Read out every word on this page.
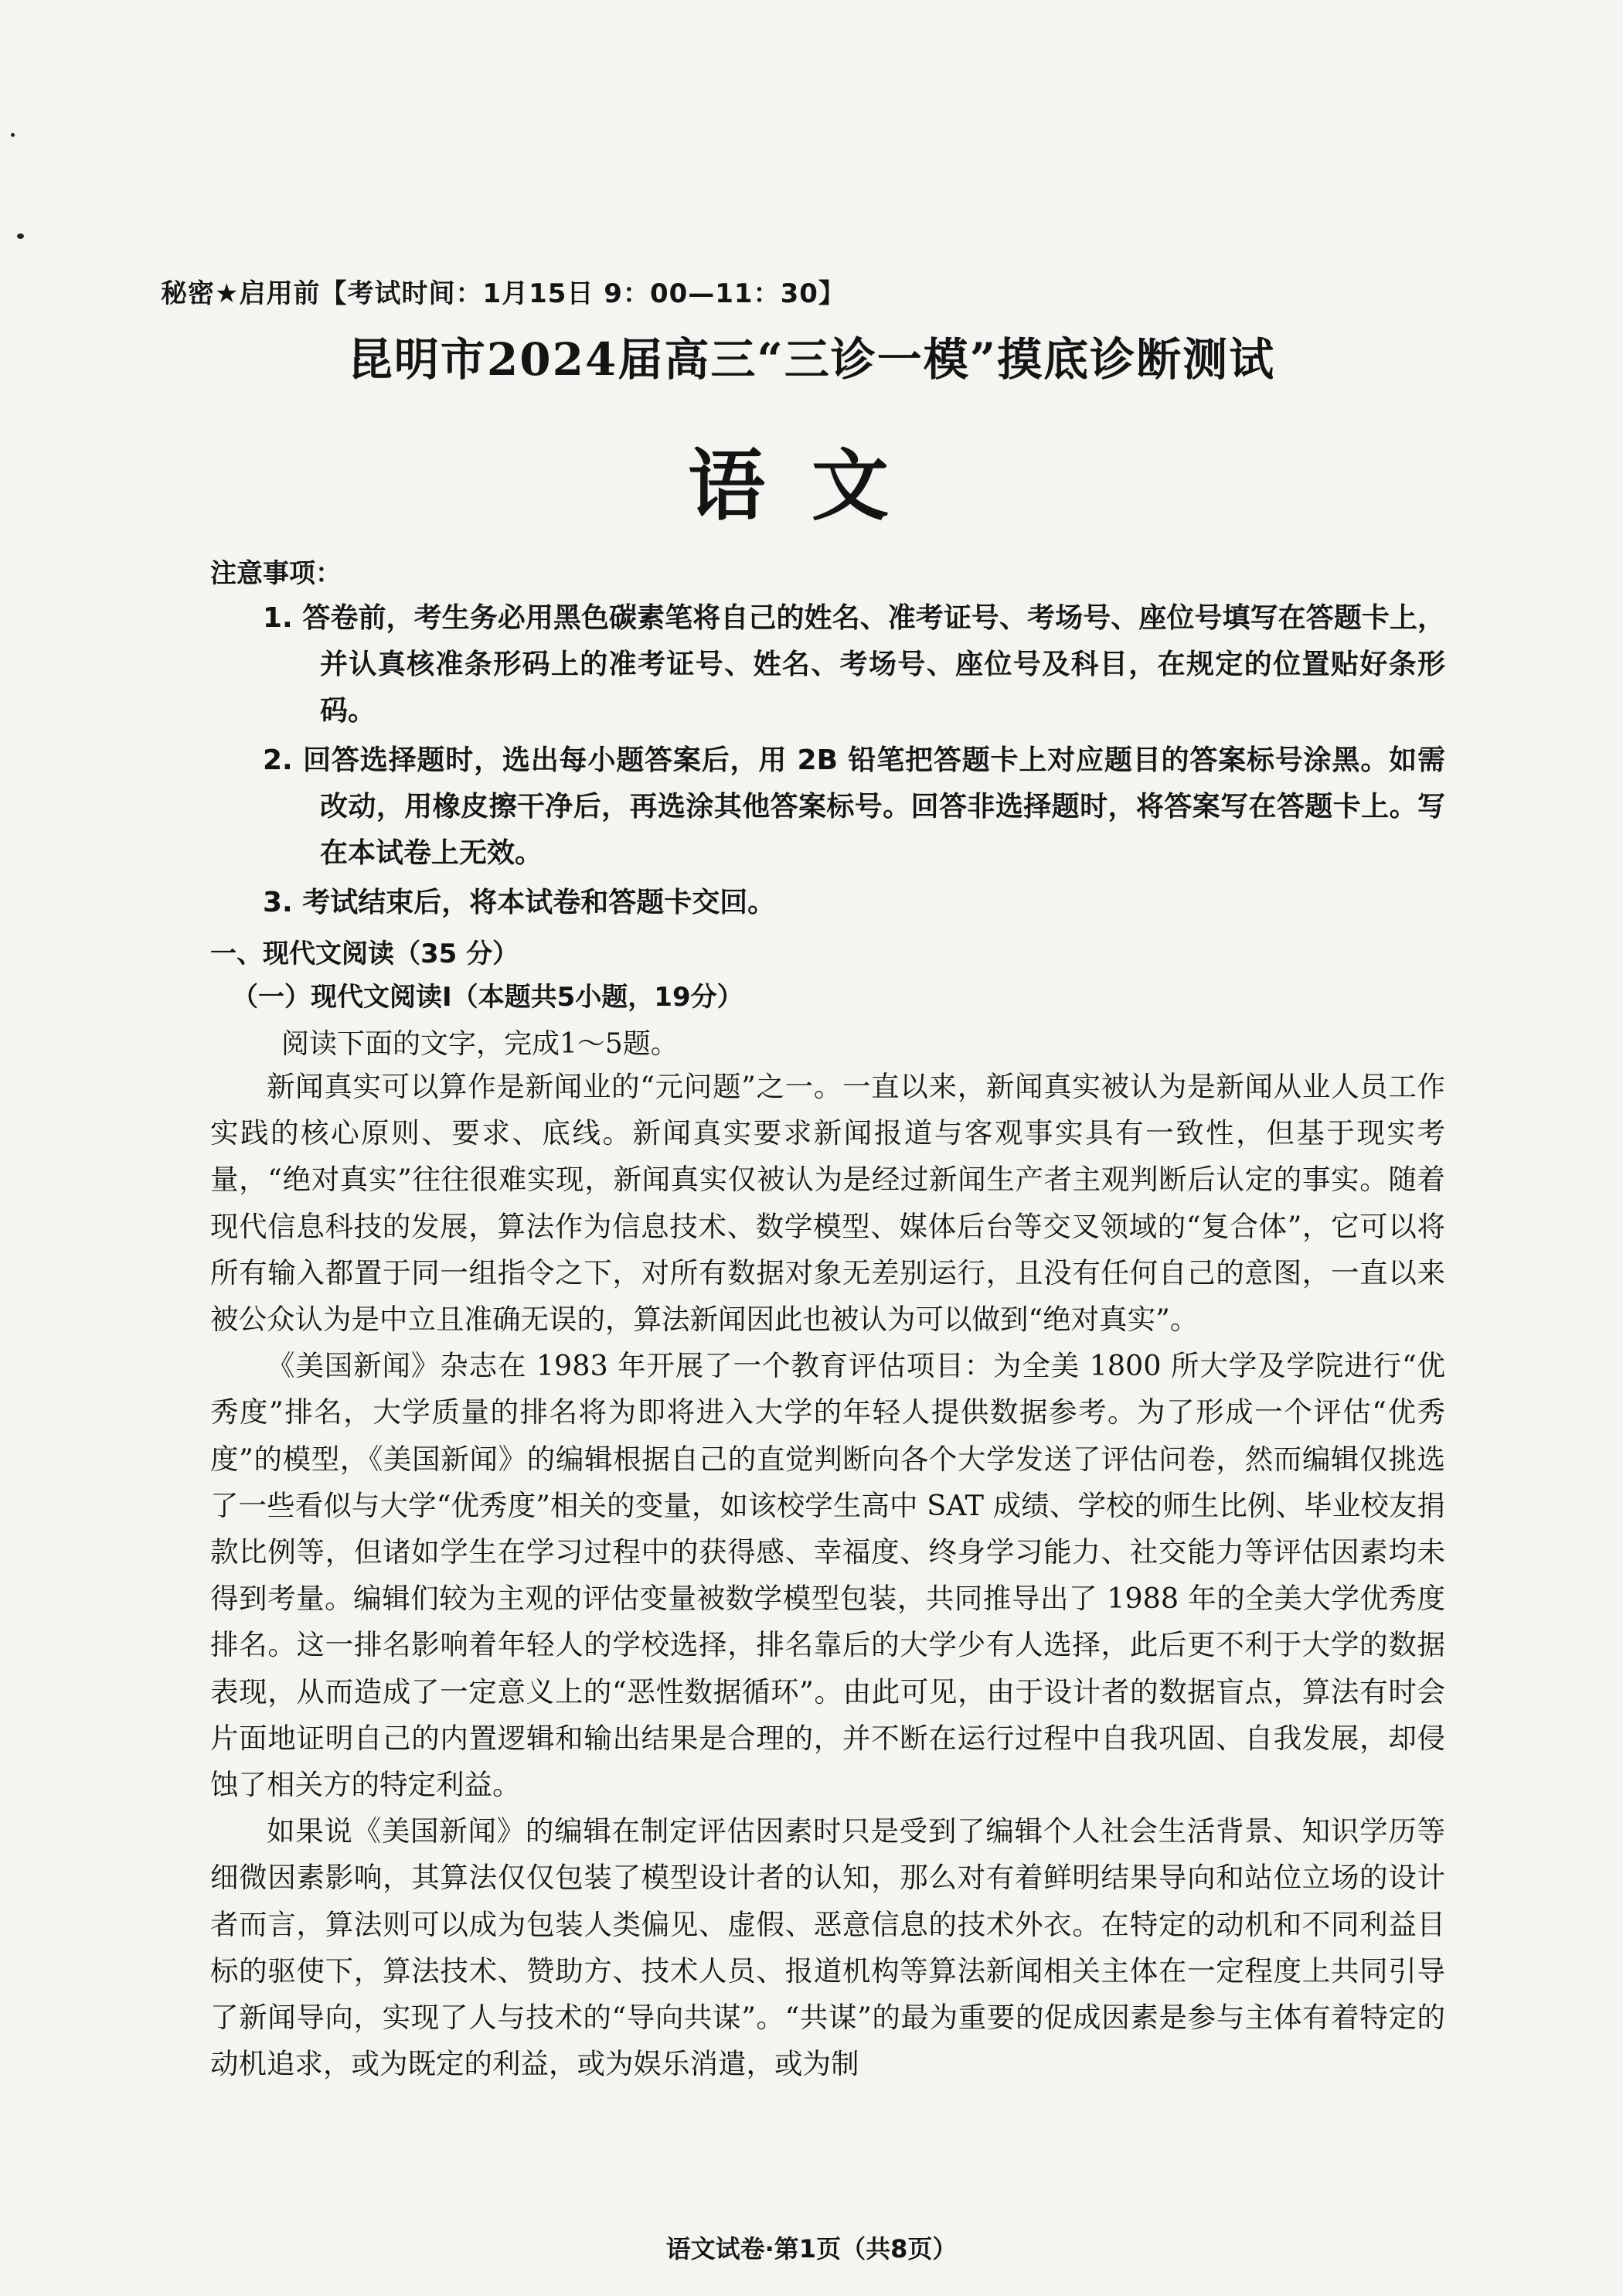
秘密★启用前【考试时间：1月15日 9：00—11：30】
昆明市2024届高三“三诊一模”摸底诊断测试
语文
注意事项：
1. 答卷前，考生务必用黑色碳素笔将自己的姓名、准考证号、考场号、座位号填写在答题卡上，并认真核准条形码上的准考证号、姓名、考场号、座位号及科目，在规定的位置贴好条形码。
2. 回答选择题时，选出每小题答案后，用 2B 铅笔把答题卡上对应题目的答案标号涂黑。如需改动，用橡皮擦干净后，再选涂其他答案标号。回答非选择题时，将答案写在答题卡上。写在本试卷上无效。
3. 考试结束后，将本试卷和答题卡交回。
一、现代文阅读（35 分）
（一）现代文阅读Ⅰ（本题共5小题，19分）
阅读下面的文字，完成1～5题。

新闻真实可以算作是新闻业的“元问题”之一。一直以来，新闻真实被认为是新闻从业人员工作实践的核心原则、要求、底线。新闻真实要求新闻报道与客观事实具有一致性，但基于现实考量，“绝对真实”往往很难实现，新闻真实仅被认为是经过新闻生产者主观判断后认定的事实。随着现代信息科技的发展，算法作为信息技术、数学模型、媒体后台等交叉领域的“复合体”，它可以将所有输入都置于同一组指令之下，对所有数据对象无差别运行，且没有任何自己的意图，一直以来被公众认为是中立且准确无误的，算法新闻因此也被认为可以做到“绝对真实”。

《美国新闻》杂志在 1983 年开展了一个教育评估项目：为全美 1800 所大学及学院进行“优秀度”排名，大学质量的排名将为即将进入大学的年轻人提供数据参考。为了形成一个评估“优秀度”的模型，《美国新闻》的编辑根据自己的直觉判断向各个大学发送了评估问卷，然而编辑仅挑选了一些看似与大学“优秀度”相关的变量，如该校学生高中 SAT 成绩、学校的师生比例、毕业校友捐款比例等，但诸如学生在学习过程中的获得感、幸福度、终身学习能力、社交能力等评估因素均未得到考量。编辑们较为主观的评估变量被数学模型包装，共同推导出了 1988 年的全美大学优秀度排名。这一排名影响着年轻人的学校选择，排名靠后的大学少有人选择，此后更不利于大学的数据表现，从而造成了一定意义上的“恶性数据循环”。由此可见，由于设计者的数据盲点，算法有时会片面地证明自己的内置逻辑和输出结果是合理的，并不断在运行过程中自我巩固、自我发展，却侵蚀了相关方的特定利益。

如果说《美国新闻》的编辑在制定评估因素时只是受到了编辑个人社会生活背景、知识学历等细微因素影响，其算法仅仅包装了模型设计者的认知，那么对有着鲜明结果导向和站位立场的设计者而言，算法则可以成为包装人类偏见、虚假、恶意信息的技术外衣。在特定的动机和不同利益目标的驱使下，算法技术、赞助方、技术人员、报道机构等算法新闻相关主体在一定程度上共同引导了新闻导向，实现了人与技术的“导向共谋”。“共谋”的最为重要的促成因素是参与主体有着特定的动机追求，或为既定的利益，或为娱乐消遣，或为制

语文试卷·第1页（共8页）
